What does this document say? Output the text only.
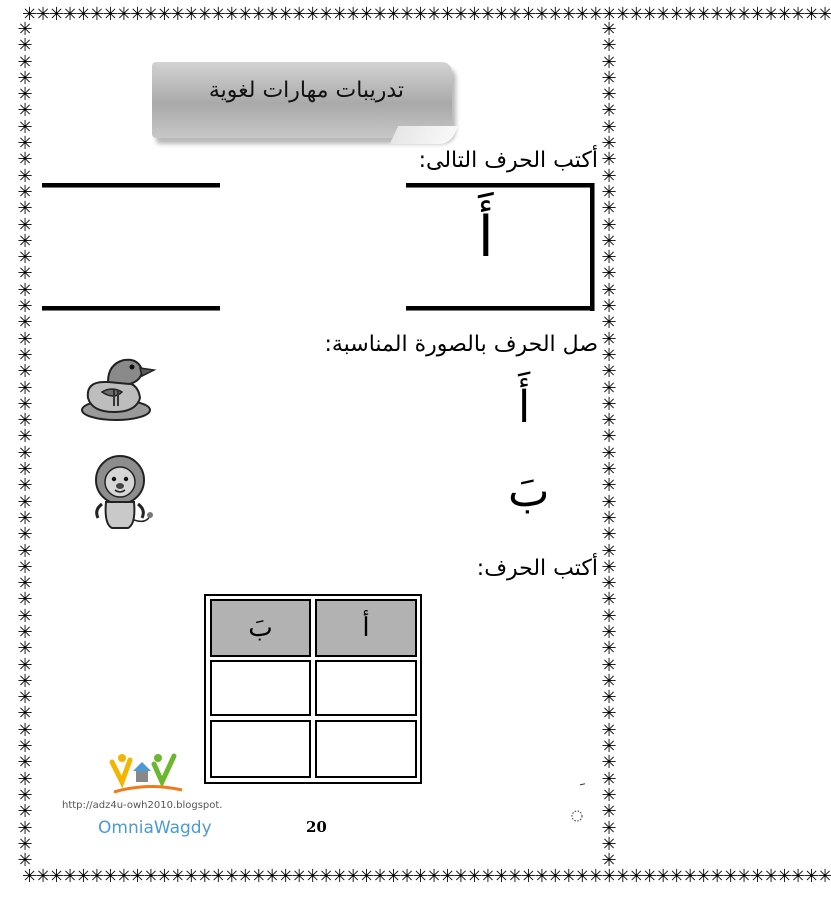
✳✳✳✳✳✳✳✳✳✳✳✳✳✳✳✳✳✳✳✳✳✳✳✳✳✳✳✳✳✳✳✳✳✳✳✳✳✳✳✳✳✳✳✳✳✳✳✳✳✳✳✳✳✳✳✳✳✳✳✳
✳✳✳✳✳✳✳✳✳✳✳✳✳✳✳✳✳✳✳✳✳✳✳✳✳✳✳✳✳✳✳✳✳✳✳✳✳✳✳✳✳✳✳✳✳✳✳✳✳✳✳✳✳✳✳✳✳✳✳✳
✳
✳
✳
✳
✳
✳
✳
✳
✳
✳
✳
✳
✳
✳
✳
✳
✳
✳
✳
✳
✳
✳
✳
✳
✳
✳
✳
✳
✳
✳
✳
✳
✳
✳
✳
✳
✳
✳
✳
✳
✳
✳
✳
✳
✳
✳
✳
✳
✳
✳
✳
✳
✳
✳
✳
✳
✳
✳
✳
✳
✳
✳
✳
✳
✳
✳
✳
✳
✳
✳
✳
✳
✳
✳
✳
✳
✳
✳
✳
✳
✳
✳
✳
✳
✳
✳
✳
✳
✳
✳
✳
✳
✳
✳
✳
✳
✳
✳
✳
✳
✳
✳
✳
✳
تدريبات مهارات لغوية
أكتب الحرف التالى:
أَ
صل الحرف بالصورة المناسبة:
أَ
بَ
أكتب الحرف:
أ
بَ
http://adz4u-owh2010.blogspot.
OmniaWagdy	20
